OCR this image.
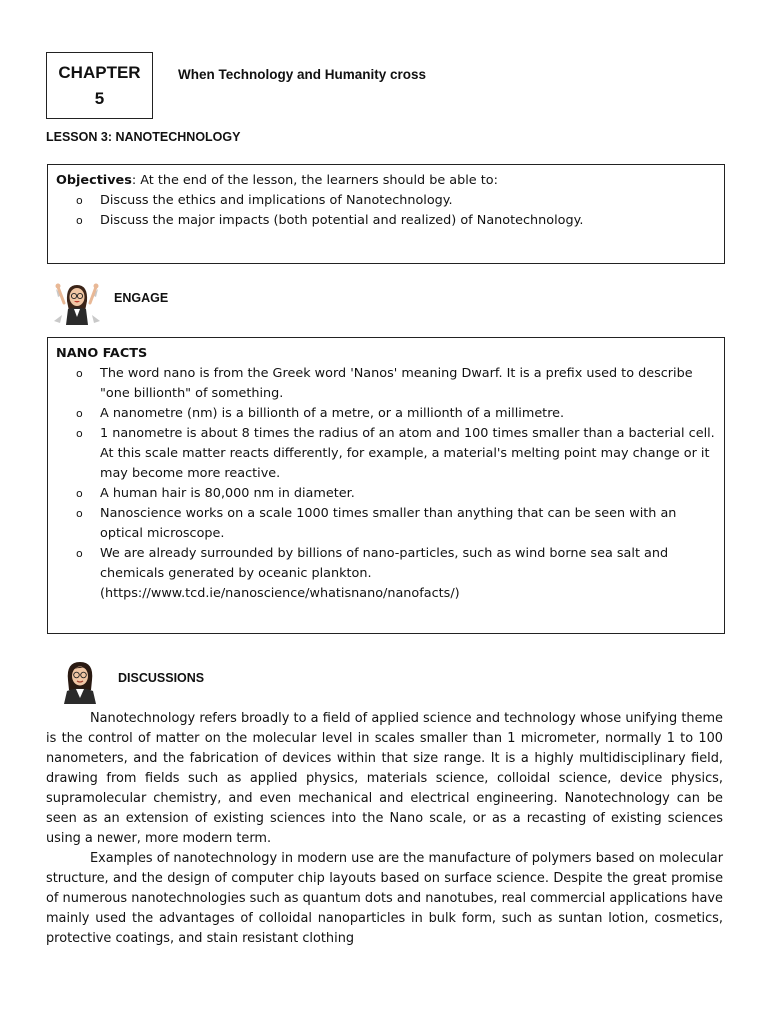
CHAPTER
5
When Technology and Humanity cross
LESSON 3: NANOTECHNOLOGY
Objectives: At the end of the lesson, the learners should be able to:
o Discuss the ethics and implications of Nanotechnology.
o Discuss the major impacts (both potential and realized) of Nanotechnology.
ENGAGE
NANO FACTS
o The word nano is from the Greek word 'Nanos' meaning Dwarf. It is a prefix used to describe "one billionth" of something.
o A nanometre (nm) is a billionth of a metre, or a millionth of a millimetre.
o 1 nanometre is about 8 times the radius of an atom and 100 times smaller than a bacterial cell. At this scale matter reacts differently, for example, a material's melting point may change or it may become more reactive.
o A human hair is 80,000 nm in diameter.
o Nanoscience works on a scale 1000 times smaller than anything that can be seen with an optical microscope.
o We are already surrounded by billions of nano-particles, such as wind borne sea salt and chemicals generated by oceanic plankton.
(https://www.tcd.ie/nanoscience/whatisnano/nanofacts/)
DISCUSSIONS

Nanotechnology refers broadly to a field of applied science and technology whose unifying theme is the control of matter on the molecular level in scales smaller than 1 micrometer, normally 1 to 100 nanometers, and the fabrication of devices within that size range. It is a highly multidisciplinary field, drawing from fields such as applied physics, materials science, colloidal science, device physics, supramolecular chemistry, and even mechanical and electrical engineering. Nanotechnology can be seen as an extension of existing sciences into the Nano scale, or as a recasting of existing sciences using a newer, more modern term.

Examples of nanotechnology in modern use are the manufacture of polymers based on molecular structure, and the design of computer chip layouts based on surface science. Despite the great promise of numerous nanotechnologies such as quantum dots and nanotubes, real commercial applications have mainly used the advantages of colloidal nanoparticles in bulk form, such as suntan lotion, cosmetics, protective coatings, and stain resistant clothing
